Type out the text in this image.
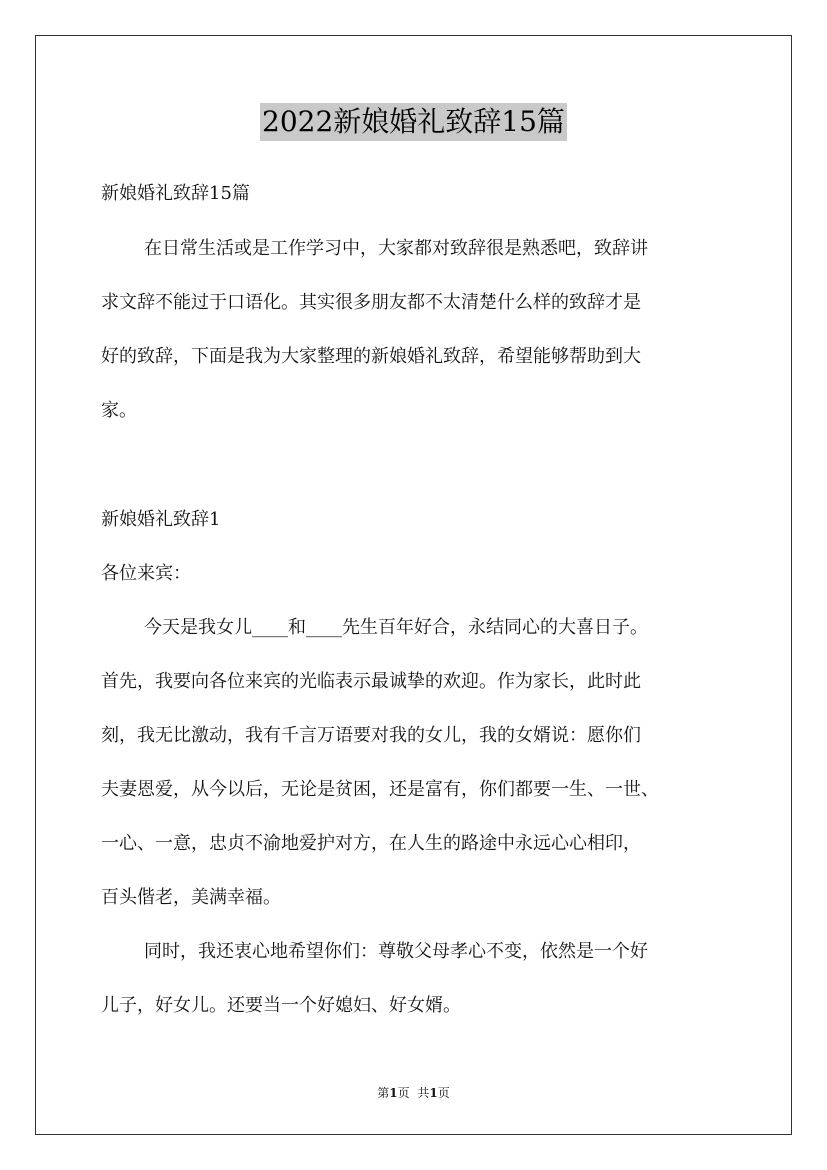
2022新娘婚礼致辞15篇
新娘婚礼致辞15篇
在日常生活或是工作学习中，大家都对致辞很是熟悉吧，致辞讲
求文辞不能过于口语化。其实很多朋友都不太清楚什么样的致辞才是
好的致辞，下面是我为大家整理的新娘婚礼致辞，希望能够帮助到大
家。
新娘婚礼致辞1
各位来宾：
今天是我女儿____和____先生百年好合，永结同心的大喜日子。
首先，我要向各位来宾的光临表示最诚挚的欢迎。作为家长，此时此
刻，我无比激动，我有千言万语要对我的女儿，我的女婿说：愿你们
夫妻恩爱，从今以后，无论是贫困，还是富有，你们都要一生、一世、
一心、一意，忠贞不渝地爱护对方，在人生的路途中永远心心相印，
百头偕老，美满幸福。
同时，我还衷心地希望你们：尊敬父母孝心不变，依然是一个好
儿子，好女儿。还要当一个好媳妇、好女婿。
第1页 共1页
